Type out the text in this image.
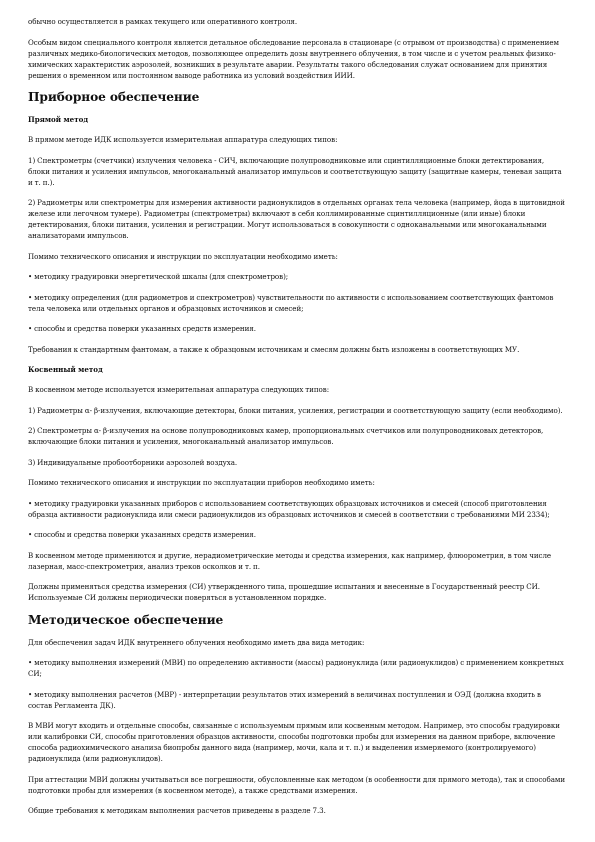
обычно осуществляется в рамках текущего или оперативного контроля.

Особым видом специального контроля является детальное обследование персонала в стационаре (с отрывом от производства) с применением различных медико-биологических методов, позволяющее определить дозы внутреннего облучения, в том числе и с учетом реальных физико-химических характеристик аэрозолей, возникших в результате аварии. Результаты такого обследования служат основанием для принятия решения о временном или постоянном выводе работника из условий воздействия ИИИ.

Приборное обеспечение
Прямой метод

В прямом методе ИДК используется измерительная аппаратура следующих типов:

1) Спектрометры (счетчики) излучения человека - СИЧ, включающие полупроводниковые или сцинтилляционные блоки детектирования, блоки питания и усиления импульсов, многоканальный анализатор импульсов и соответствующую защиту (защитные камеры, теневая защита и т. п.).

2) Радиометры или спектрометры для измерения активности радионуклидов в отдельных органах тела человека (например, йода в щитовидной железе или легочном тумере). Радиометры (спектрометры) включают в себя коллимированные сцинтилляционные (или иные) блоки детектирования, блоки питания, усиления и регистрации. Могут использоваться в совокупности с одноканальными или многоканальными анализаторами импульсов.

Помимо технического описания и инструкции по эксплуатации необходимо иметь:

• методику градуировки энергетической шкалы (для спектрометров);

• методику определения (для радиометров и спектрометров) чувствительности по активности с использованием соответствующих фантомов тела человека или отдельных органов и образцовых источников и смесей;

• способы и средства поверки указанных средств измерения.

Требования к стандартным фантомам, а также к образцовым источникам и смесям должны быть изложены в соответствующих МУ.

Косвенный метод

В косвенном методе используется измерительная аппаратура следующих типов:

1) Радиометры α- β-излучения, включающие детекторы, блоки питания, усиления, регистрации и соответствующую защиту (если необходимо).

2) Спектрометры α- β-излучения на основе полупроводниковых камер, пропорциональных счетчиков или полупроводниковых детекторов, включающие блоки питания и усиления, многоканальный анализатор импульсов.

3) Индивидуальные пробоотборники аэрозолей воздуха.

Помимо технического описания и инструкции по эксплуатации приборов необходимо иметь:

• методику градуировки указанных приборов с использованием соответствующих образцовых источников и смесей (способ приготовления образца активности радионуклида или смеси радионуклидов из образцовых источников и смесей в соответствии с требованиями МИ 2334);

• способы и средства поверки указанных средств измерения.

В косвенном методе применяются и другие, нерадиометрические методы и средства измерения, как например, флюорометрия, в том числе лазерная, масс-спектрометрия, анализ треков осколков и т. п.

Должны применяться средства измерения (СИ) утвержденного типа, прошедшие испытания и внесенные в Государственный реестр СИ. Используемые СИ должны периодически поверяться в установленном порядке.

Методическое обеспечение

Для обеспечения задач ИДК внутреннего облучения необходимо иметь два вида методик:

• методику выполнения измерений (МВИ) по определению активности (массы) радионуклида (или радионуклидов) с применением конкретных СИ;

• методику выполнения расчетов (МВР) - интерпретации результатов этих измерений в величинах поступления и ОЭД (должна входить в состав Регламента ДК).

В МВИ могут входить и отдельные способы, связанные с используемым прямым или косвенным методом. Например, это способы градуировки или калибровки СИ, способы приготовления образцов активности, способы подготовки пробы для измерения на данном приборе, включение способа радиохимического анализа биопробы данного вида (например, мочи, кала и т. п.) и выделения измеряемого (контролируемого) радионуклида (или радионуклидов).

При аттестации МВИ должны учитываться все погрешности, обусловленные как методом (в особенности для прямого метода), так и способами подготовки пробы для измерения (в косвенном методе), а также средствами измерения.

Общие требования к методикам выполнения расчетов приведены в разделе 7.3.
